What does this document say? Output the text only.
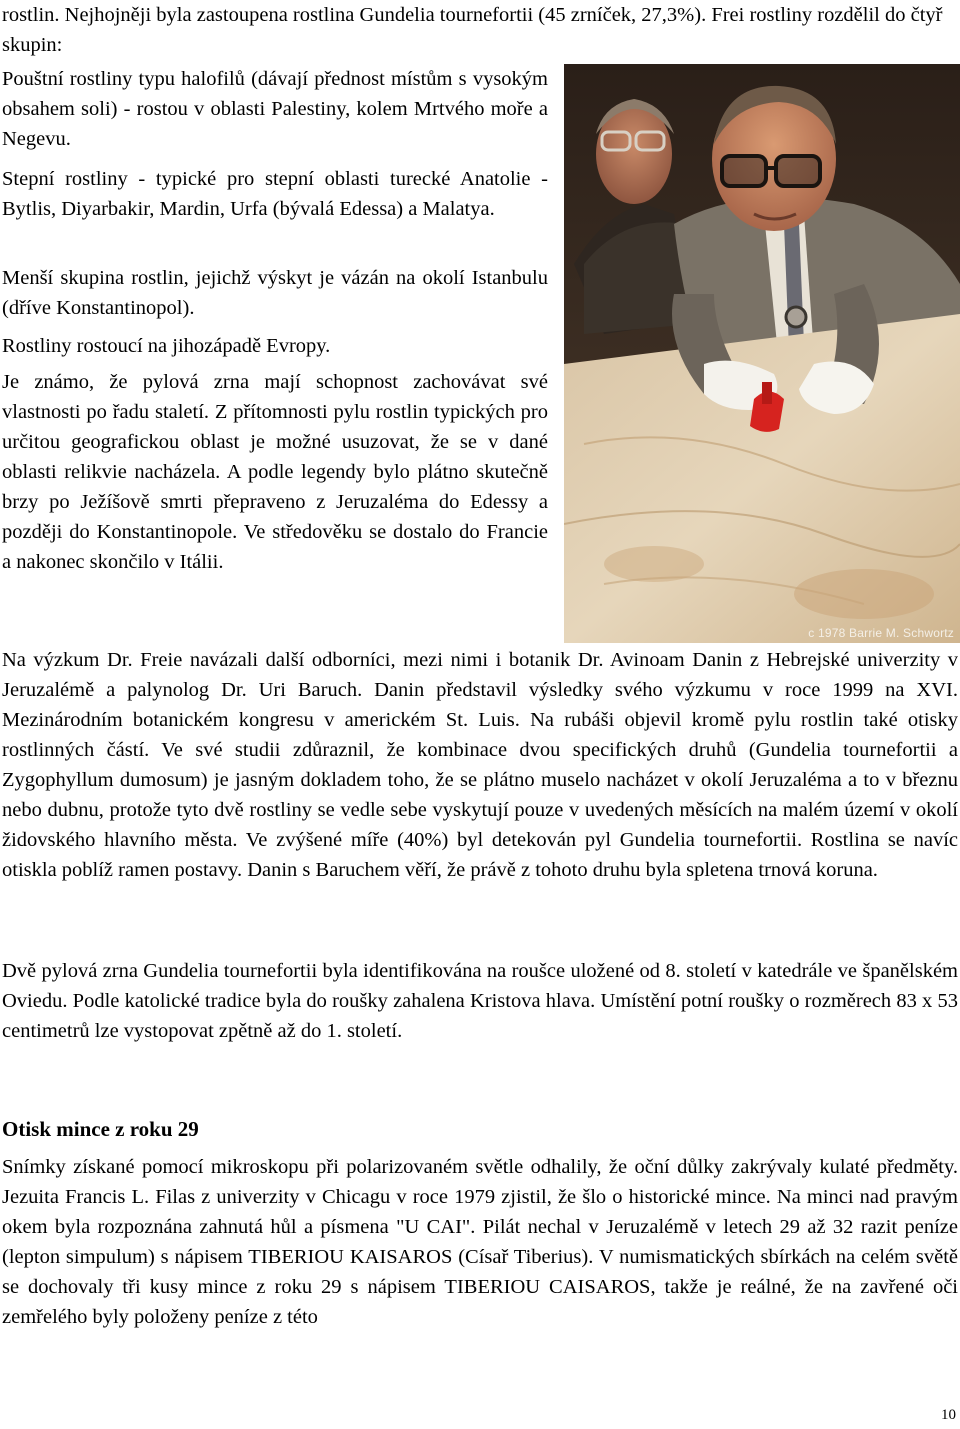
rostlin. Nejhojněji byla zastoupena rostlina Gundelia tournefortii (45 zrníček, 27,3%). Frei rostliny rozdělil do čtyř skupin:

Pouštní rostliny typu halofilů (dávají přednost místům s vysokým obsahem soli) - rostou v oblasti Palestiny, kolem Mrtvého moře a Negevu.

Stepní rostliny - typické pro stepní oblasti turecké Anatolie - Bytlis, Diyarbakir, Mardin, Urfa (bývalá Edessa) a Malatya.

Menší skupina rostlin, jejichž výskyt je vázán na okolí Istanbulu (dříve Konstantinopol).

Rostliny rostoucí na jihozápadě Evropy.

Je známo, že pylová zrna mají schopnost zachovávat své vlastnosti po řadu staletí. Z přítomnosti pylu rostlin typických pro určitou geografickou oblast je možné usuzovat, že se v dané oblasti relikvie nacházela. A podle legendy bylo plátno skutečně brzy po Ježíšově smrti přepraveno z Jeruzaléma do Edessy a později do Konstantinopole. Ve středověku se dostalo do Francie a nakonec skončilo v Itálii.

c 1978 Barrie M. Schwortz

Na výzkum Dr. Freie navázali další odborníci, mezi nimi i botanik Dr. Avinoam Danin z Hebrejské univerzity v Jeruzalémě a palynolog Dr. Uri Baruch. Danin představil výsledky svého výzkumu v roce 1999 na XVI. Mezinárodním botanickém kongresu v americkém St. Luis. Na rubáši objevil kromě pylu rostlin také otisky rostlinných částí. Ve své studii zdůraznil, že kombinace dvou specifických druhů (Gundelia tournefortii a Zygophyllum dumosum) je jasným dokladem toho, že se plátno muselo nacházet v okolí Jeruzaléma a to v březnu nebo dubnu, protože tyto dvě rostliny se vedle sebe vyskytují pouze v uvedených měsících na malém území v okolí židovského hlavního města. Ve zvýšené míře (40%) byl detekován pyl Gundelia tournefortii. Rostlina se navíc otiskla poblíž ramen postavy. Danin s Baruchem věří, že právě z tohoto druhu byla spletena trnová koruna.

Dvě pylová zrna Gundelia tournefortii byla identifikována na roušce uložené od 8. století v katedrále ve španělském Oviedu. Podle katolické tradice byla do roušky zahalena Kristova hlava. Umístění potní roušky o rozměrech 83 x 53 centimetrů lze vystopovat zpětně až do 1. století.

Otisk mince z roku 29

Snímky získané pomocí mikroskopu při polarizovaném světle odhalily, že oční důlky zakrývaly kulaté předměty. Jezuita Francis L. Filas z univerzity v Chicagu v roce 1979 zjistil, že šlo o historické mince. Na minci nad pravým okem byla rozpoznána zahnutá hůl a písmena "U CAI". Pilát nechal v Jeruzalémě v letech 29 až 32 razit peníze (lepton simpulum) s nápisem TIBERIOU KAISAROS (Císař Tiberius). V numismatických sbírkách na celém světě se dochovaly tři kusy mince z roku 29 s nápisem TIBERIOU CAISAROS, takže je reálné, že na zavřené oči zemřelého byly položeny peníze z této

10
